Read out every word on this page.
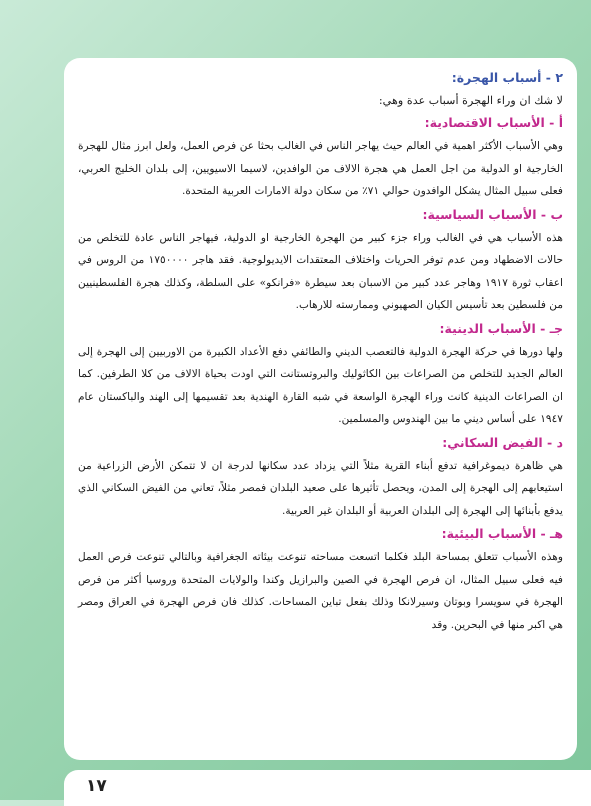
٢ - أسباب الهجرة:
لا شك ان وراء الهجرة أسباب عدة وهي:
أ - الأسباب الاقتصادية:

وهي الأسباب الأكثر اهمية في العالم حيث يهاجر الناس في الغالب بحثا عن فرص العمل، ولعل ابرز مثال للهجرة الخارجية او الدولية من اجل العمل هي هجرة الالاف من الوافدين، لاسيما الاسيويين، إلى بلدان الخليج العربي، فعلى سبيل المثال يشكل الوافدون حوالي ٧١٪ من سكان دولة الامارات العربية المتحدة.

ب - الأسباب السياسية:

هذه الأسباب هي في الغالب وراء جزء كبير من الهجرة الخارجية او الدولية، فيهاجر الناس عادة للتخلص من حالات الاضطهاد ومن عدم توفر الحريات واختلاف المعتقدات الايديولوجية. فقد هاجر ١٧٥٠٠٠٠ من الروس في اعقاب ثورة ١٩١٧ وهاجر عدد كبير من الاسبان بعد سيطرة «فرانكو» على السلطة، وكذلك هجرة الفلسطينيين من فلسطين بعد تأسيس الكيان الصهيوني وممارسته للارهاب.

جـ - الأسباب الدينية:

ولها دورها في حركة الهجرة الدولية فالتعصب الديني والطائفي دفع الأعداد الكبيرة من الاوربيين إلى الهجرة إلى العالم الجديد للتخلص من الصراعات بين الكاثوليك والبروتستانت التي اودت بحياة الالاف من كلا الطرفين. كما ان الصراعات الدينية كانت وراء الهجرة الواسعة في شبه القارة الهندية بعد تقسيمها إلى الهند والباكستان عام ١٩٤٧ على أساس ديني ما بين الهندوس والمسلمين.

د - الفيض السكاني:

هي ظاهرة ديموغرافية تدفع أبناء القرية مثلاً التي يزداد عدد سكانها لدرجة ان لا تتمكن الأرض الزراعية من استيعابهم إلى الهجرة إلى المدن، ويحصل تأثيرها على صعيد البلدان فمصر مثلاً، تعاني من الفيض السكاني الذي يدفع بأبنائها إلى الهجرة إلى البلدان العربية أو البلدان غير العربية.

هـ - الأسباب البيئية:

وهذه الأسباب تتعلق بمساحة البلد فكلما اتسعت مساحته تنوعت بيئاته الجغرافية وبالتالي تنوعت فرص العمل فيه فعلى سبيل المثال، ان فرص الهجرة في الصين والبرازيل وكندا والولايات المتحدة وروسيا أكثر من فرص الهجرة في سويسرا وبوتان وسيرلانكا وذلك بفعل تباين المساحات. كذلك فان فرص الهجرة في العراق ومصر هي اكبر منها في البحرين. وقد

١٧
